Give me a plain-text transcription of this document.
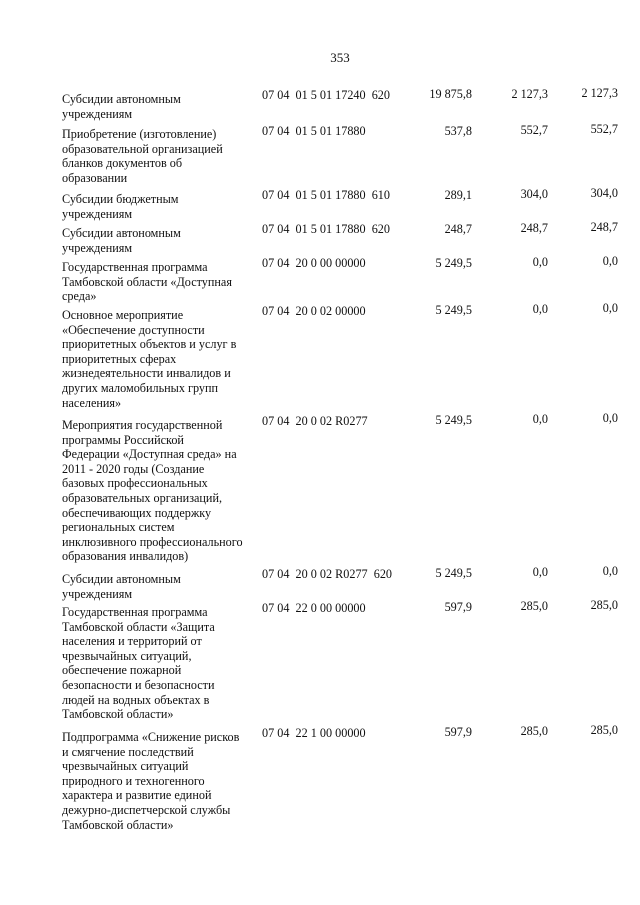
353
Субсидии автономным
учреждениям
07 04  01 5 01 17240  620	19 875,8	2 127,3	2 127,3
Приобретение (изготовление)
образовательной организацией
бланков документов об
образовании
07 04  01 5 01 17880	537,8	552,7	552,7
Субсидии бюджетным
учреждениям
07 04  01 5 01 17880  610	289,1	304,0	304,0
Субсидии автономным
учреждениям
07 04  01 5 01 17880  620	248,7	248,7	248,7
Государственная программа
Тамбовской области «Доступная
среда»
07 04  20 0 00 00000	5 249,5	0,0	0,0
Основное мероприятие
«Обеспечение доступности
приоритетных объектов и услуг в
приоритетных сферах
жизнедеятельности инвалидов и
других маломобильных групп
населения»
07 04  20 0 02 00000	5 249,5	0,0	0,0
Мероприятия государственной
программы Российской
Федерации «Доступная среда» на
2011 - 2020 годы (Создание
базовых профессиональных
образовательных организаций,
обеспечивающих поддержку
региональных систем
инклюзивного профессионального
образования инвалидов)
07 04  20 0 02 R0277	5 249,5	0,0	0,0
Субсидии автономным
учреждениям
07 04  20 0 02 R0277  620	5 249,5	0,0	0,0
Государственная программа
Тамбовской области «Защита
населения и территорий от
чрезвычайных ситуаций,
обеспечение пожарной
безопасности и безопасности
людей на водных объектах в
Тамбовской области»
07 04  22 0 00 00000	597,9	285,0	285,0
Подпрограмма «Снижение рисков
и смягчение последствий
чрезвычайных ситуаций
природного и техногенного
характера и развитие единой
дежурно-диспетчерской службы
Тамбовской области»
07 04  22 1 00 00000	597,9	285,0	285,0
